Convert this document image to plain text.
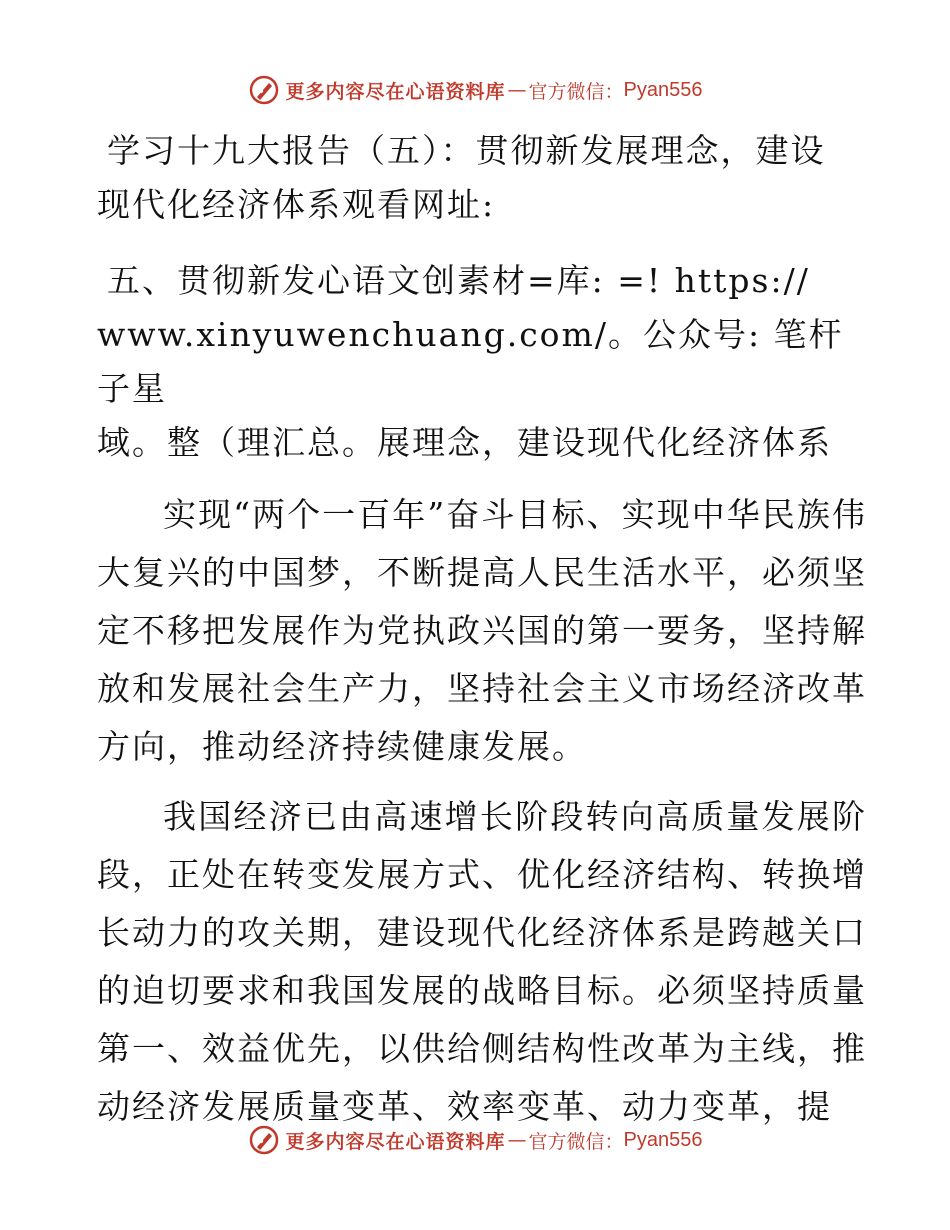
更多内容尽在心语资料库 — 官方微信： Pyan556

学习十九大报告（五）：贯彻新发展理念，建设

现代化经济体系观看网址:

五、贯彻新发心语文创素材=库: =! https://

www.xinyuwenchuang.com/。公众号: 笔杆子星

域。整（理汇总。展理念，建设现代化经济体系

实现“两个一百年”奋斗目标、实现中华民族伟大复兴的中国梦，不断提高人民生活水平，必须坚定不移把发展作为党执政兴国的第一要务，坚持解放和发展社会生产力，坚持社会主义市场经济改革方向，推动经济持续健康发展。

我国经济已由高速增长阶段转向高质量发展阶段，正处在转变发展方式、优化经济结构、转换增长动力的攻关期，建设现代化经济体系是跨越关口的迫切要求和我国发展的战略目标。必须坚持质量第一、效益优先，以供给侧结构性改革为主线，推动经济发展质量变革、效率变革、动力变革，提

更多内容尽在心语资料库 — 官方微信： Pyan556
